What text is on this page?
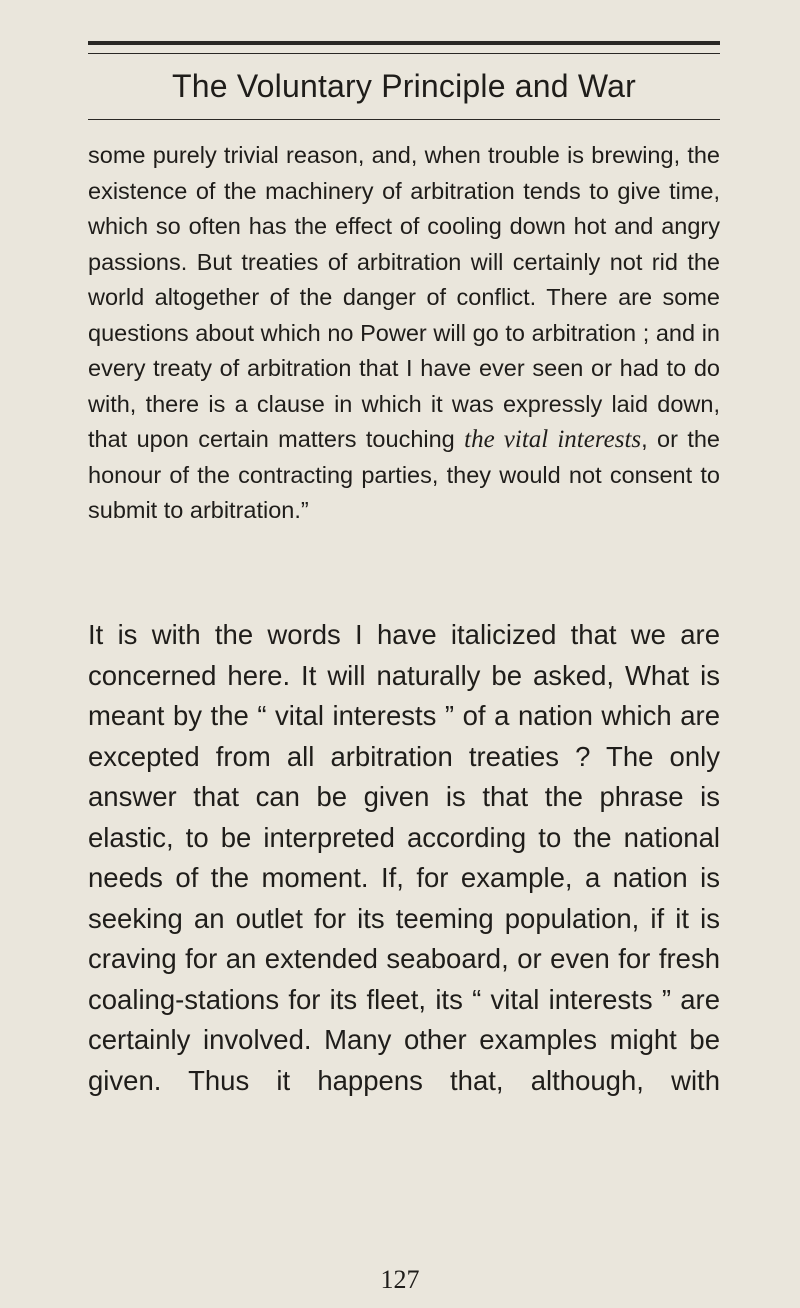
The Voluntary Principle and War

some purely trivial reason, and, when trouble is brewing, the existence of the machinery of arbitration tends to give time, which so often has the effect of cooling down hot and angry passions. But treaties of arbitration will certainly not rid the world altogether of the danger of conflict. There are some questions about which no Power will go to arbitration ; and in every treaty of arbitration that I have ever seen or had to do with, there is a clause in which it was expressly laid down, that upon certain matters touching the vital interests, or the honour of the contracting parties, they would not consent to submit to arbitration.”

It is with the words I have italicized that we are concerned here. It will naturally be asked, What is meant by the “ vital interests ” of a nation which are excepted from all arbitration treaties ? The only answer that can be given is that the phrase is elastic, to be interpreted according to the national needs of the moment. If, for example, a nation is seeking an outlet for its teeming population, if it is craving for an extended seaboard, or even for fresh coaling-stations for its fleet, its “ vital interests ” are certainly involved. Many other examples might be given. Thus it happens that, although, with

127
